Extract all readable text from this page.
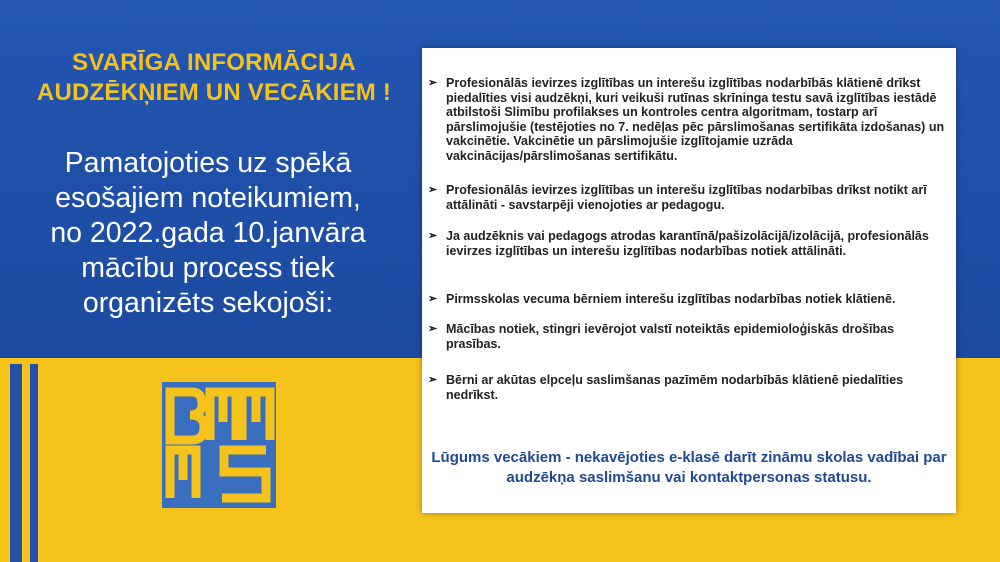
SVARĪGA INFORMĀCIJA
AUDZĒKŅIEM UN VECĀKIEM !
Pamatojoties uz spēkā
esošajiem noteikumiem,
no 2022.gada 10.janvāra
mācību process tiek
organizēts sekojoši:
➢ Profesionālās ievirzes izglītības un interešu izglītības nodarbībās klātienē drīkst piedalīties visi audzēkņi, kuri veikuši rutīnas skrīninga testu savā izglītības iestādē atbilstoši Slimību profilakses un kontroles centra algoritmam, tostarp arī pārslimojušie (testējoties no 7. nedēļas pēc pārslimošanas sertifikāta izdošanas) un vakcinētie. Vakcinētie un pārslimojušie izglītojamie uzrāda vakcinācijas/pārslimošanas sertifikātu.
➢ Profesionālās ievirzes izglītības un interešu izglītības nodarbības drīkst notikt arī attālināti - savstarpēji vienojoties ar pedagogu.
➢ Ja audzēknis vai pedagogs atrodas karantīnā/pašizolācijā/izolācijā, profesionālās ievirzes izglītības un interešu izglītības nodarbības notiek attālināti.
➢ Pirmsskolas vecuma bērniem interešu izglītības nodarbības notiek klātienē.
➢ Mācības notiek, stingri ievērojot valstī noteiktās epidemioloģiskās drošības prasības.
➢ Bērni ar akūtas elpceļu saslimšanas pazīmēm nodarbībās klātienē piedalīties nedrīkst.
Lūgums vecākiem - nekavējoties e-klasē darīt zināmu skolas vadībai par audzēkņa saslimšanu vai kontaktpersonas statusu.
